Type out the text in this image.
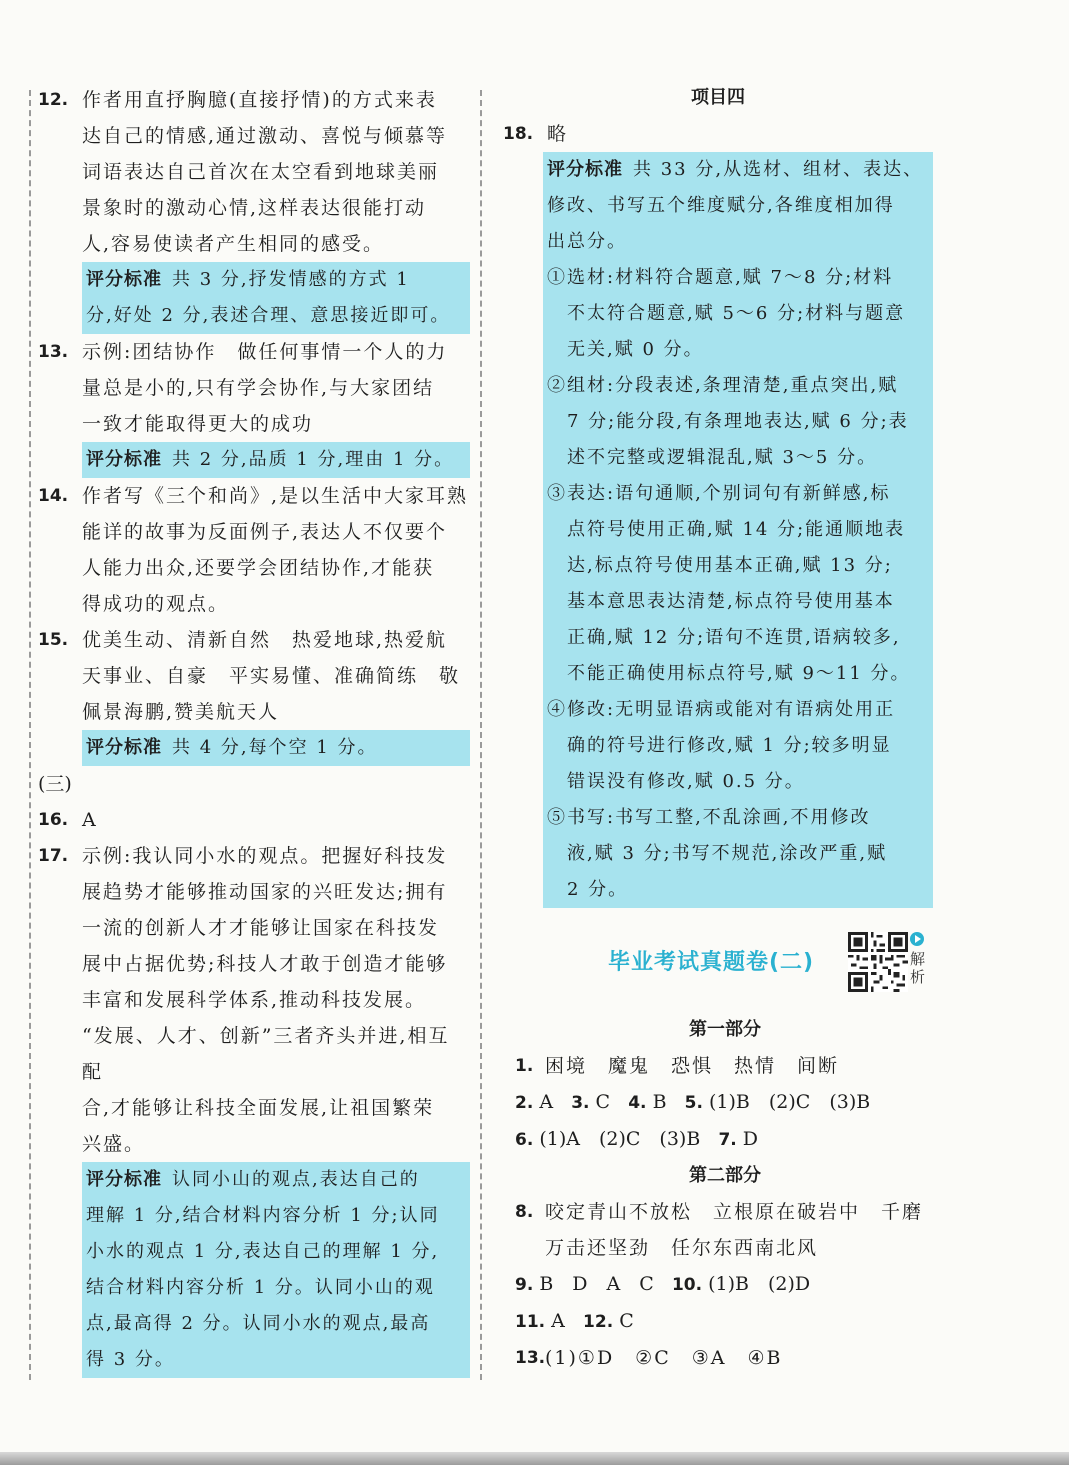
12. 作者用直抒胸臆(直接抒情)的方式来表
达自己的情感,通过激动、喜悦与倾慕等
词语表达自己首次在太空看到地球美丽
景象时的激动心情,这样表达很能打动
人,容易使读者产生相同的感受。
评分标准 共 3 分,抒发情感的方式 1
分,好处 2 分,表述合理、意思接近即可。
13. 示例:团结协作　做任何事情一个人的力
量总是小的,只有学会协作,与大家团结
一致才能取得更大的成功
评分标准 共 2 分,品质 1 分,理由 1 分。
14. 作者写《三个和尚》,是以生活中大家耳熟
能详的故事为反面例子,表达人不仅要个
人能力出众,还要学会团结协作,才能获
得成功的观点。
15. 优美生动、清新自然　热爱地球,热爱航
天事业、自豪　平实易懂、准确简练　敬
佩景海鹏,赞美航天人
评分标准 共 4 分,每个空 1 分。
(三)
16. A
17. 示例:我认同小水的观点。把握好科技发
展趋势才能够推动国家的兴旺发达;拥有
一流的创新人才才能够让国家在科技发
展中占据优势;科技人才敢于创造才能够
丰富和发展科学体系,推动科技发展。
“发展、人才、创新”三者齐头并进,相互配
合,才能够让科技全面发展,让祖国繁荣
兴盛。
评分标准 认同小山的观点,表达自己的
理解 1 分,结合材料内容分析 1 分;认同
小水的观点 1 分,表达自己的理解 1 分,
结合材料内容分析 1 分。认同小山的观
点,最高得 2 分。认同小水的观点,最高
得 3 分。
项目四
18. 略
评分标准 共 33 分,从选材、组材、表达、
修改、书写五个维度赋分,各维度相加得
出总分。
①选材:材料符合题意,赋 7～8 分;材料
　不太符合题意,赋 5～6 分;材料与题意
　无关,赋 0 分。
②组材:分段表述,条理清楚,重点突出,赋
　7 分;能分段,有条理地表达,赋 6 分;表
　述不完整或逻辑混乱,赋 3～5 分。
③表达:语句通顺,个别词句有新鲜感,标
　点符号使用正确,赋 14 分;能通顺地表
　达,标点符号使用基本正确,赋 13 分;
　基本意思表达清楚,标点符号使用基本
　正确,赋 12 分;语句不连贯,语病较多,
　不能正确使用标点符号,赋 9～11 分。
④修改:无明显语病或能对有语病处用正
　确的符号进行修改,赋 1 分;较多明显
　错误没有修改,赋 0.5 分。
⑤书写:书写工整,不乱涂画,不用修改
　液,赋 3 分;书写不规范,涂改严重,赋
　2 分。
毕业考试真题卷(二)	解
析
第一部分
1. 困境　魔鬼　恐惧　热情　间断
2. A 3. C 4. B 5. (1)B　(2)C　(3)B
6. (1)A　(2)C　(3)B 7. D
第二部分
8. 咬定青山不放松　立根原在破岩中　千磨
万击还坚劲　任尔东西南北风
9. B　D　A　C 10. (1)B　(2)D
11. A 12. C
13. (1)①D　②C　③A　④B
